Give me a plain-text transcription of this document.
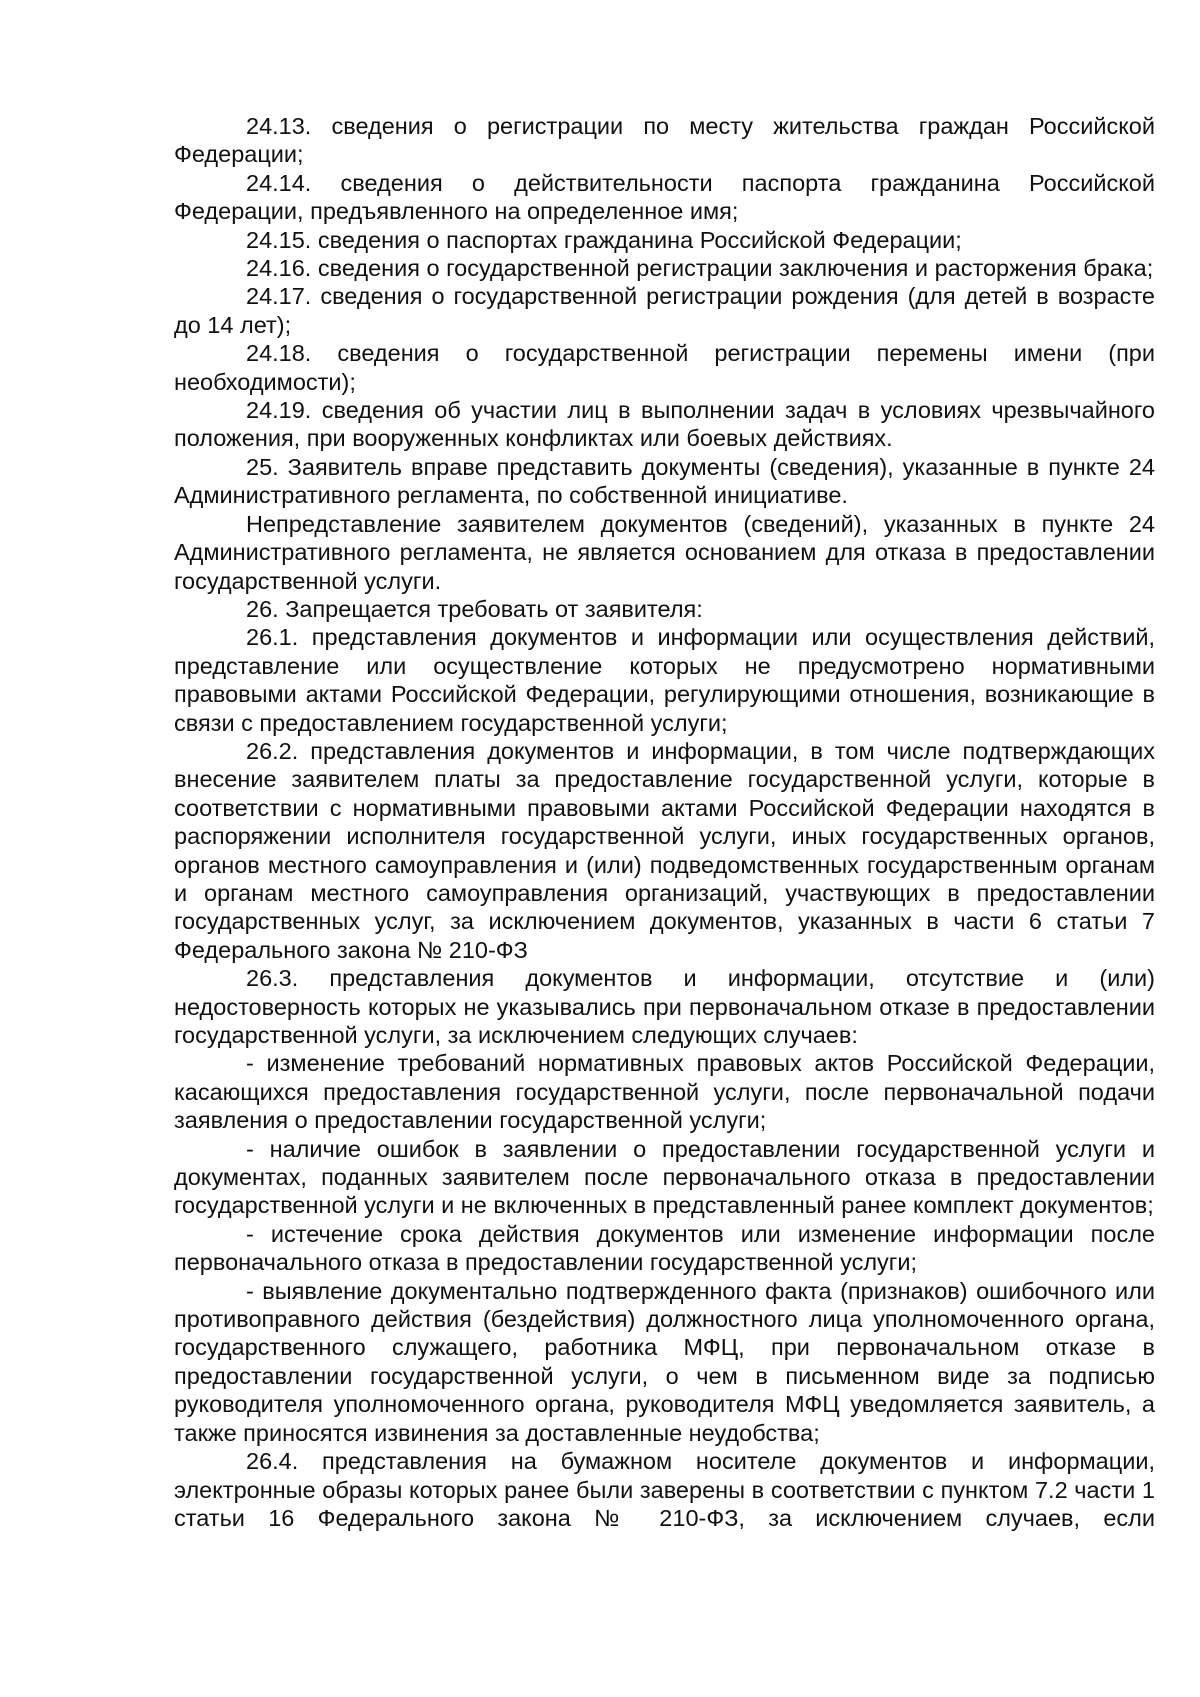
24.13. сведения о регистрации по месту жительства граждан Российской Федерации;

24.14. сведения о действительности паспорта гражданина Российской Федерации, предъявленного на определенное имя;

24.15. сведения о паспортах гражданина Российской Федерации;

24.16. сведения о государственной регистрации заключения и расторжения брака;

24.17. сведения о государственной регистрации рождения (для детей в возрасте до 14 лет);

24.18. сведения о государственной регистрации перемены имени (при необходимости);

24.19. сведения об участии лиц в выполнении задач в условиях чрезвычайного положения, при вооруженных конфликтах или боевых действиях.

25. Заявитель вправе представить документы (сведения), указанные в пункте 24 Административного регламента, по собственной инициативе.

Непредставление заявителем документов (сведений), указанных в пункте 24 Административного регламента, не является основанием для отказа в предоставлении государственной услуги.

26. Запрещается требовать от заявителя:

26.1. представления документов и информации или осуществления действий, представление или осуществление которых не предусмотрено нормативными правовыми актами Российской Федерации, регулирующими отношения, возникающие в связи с предоставлением государственной услуги;

26.2. представления документов и информации, в том числе подтверждающих внесение заявителем платы за предоставление государственной услуги, которые в соответствии с нормативными правовыми актами Российской Федерации находятся в распоряжении исполнителя государственной услуги, иных государственных органов, органов местного самоуправления и (или) подведомственных государственным органам и органам местного самоуправления организаций, участвующих в предоставлении государственных услуг, за исключением документов, указанных в части 6 статьи 7 Федерального закона № 210-ФЗ

26.3. представления документов и информации, отсутствие и (или) недостоверность которых не указывались при первоначальном отказе в предоставлении государственной услуги, за исключением следующих случаев:

- изменение требований нормативных правовых актов Российской Федерации, касающихся предоставления государственной услуги, после первоначальной подачи заявления о предоставлении государственной услуги;

- наличие ошибок в заявлении о предоставлении государственной услуги и документах, поданных заявителем после первоначального отказа в предоставлении государственной услуги и не включенных в представленный ранее комплект документов;

- истечение срока действия документов или изменение информации после первоначального отказа в предоставлении государственной услуги;

- выявление документально подтвержденного факта (признаков) ошибочного или противоправного действия (бездействия) должностного лица уполномоченного органа, государственного служащего, работника МФЦ, при первоначальном отказе в предоставлении государственной услуги, о чем в письменном виде за подписью руководителя уполномоченного органа, руководителя МФЦ уведомляется заявитель, а также приносятся извинения за доставленные неудобства;

26.4. представления на бумажном носителе документов и информации, электронные образы которых ранее были заверены в соответствии с пунктом 7.2 части 1 статьи 16 Федерального закона № 210-ФЗ, за исключением случаев, если
